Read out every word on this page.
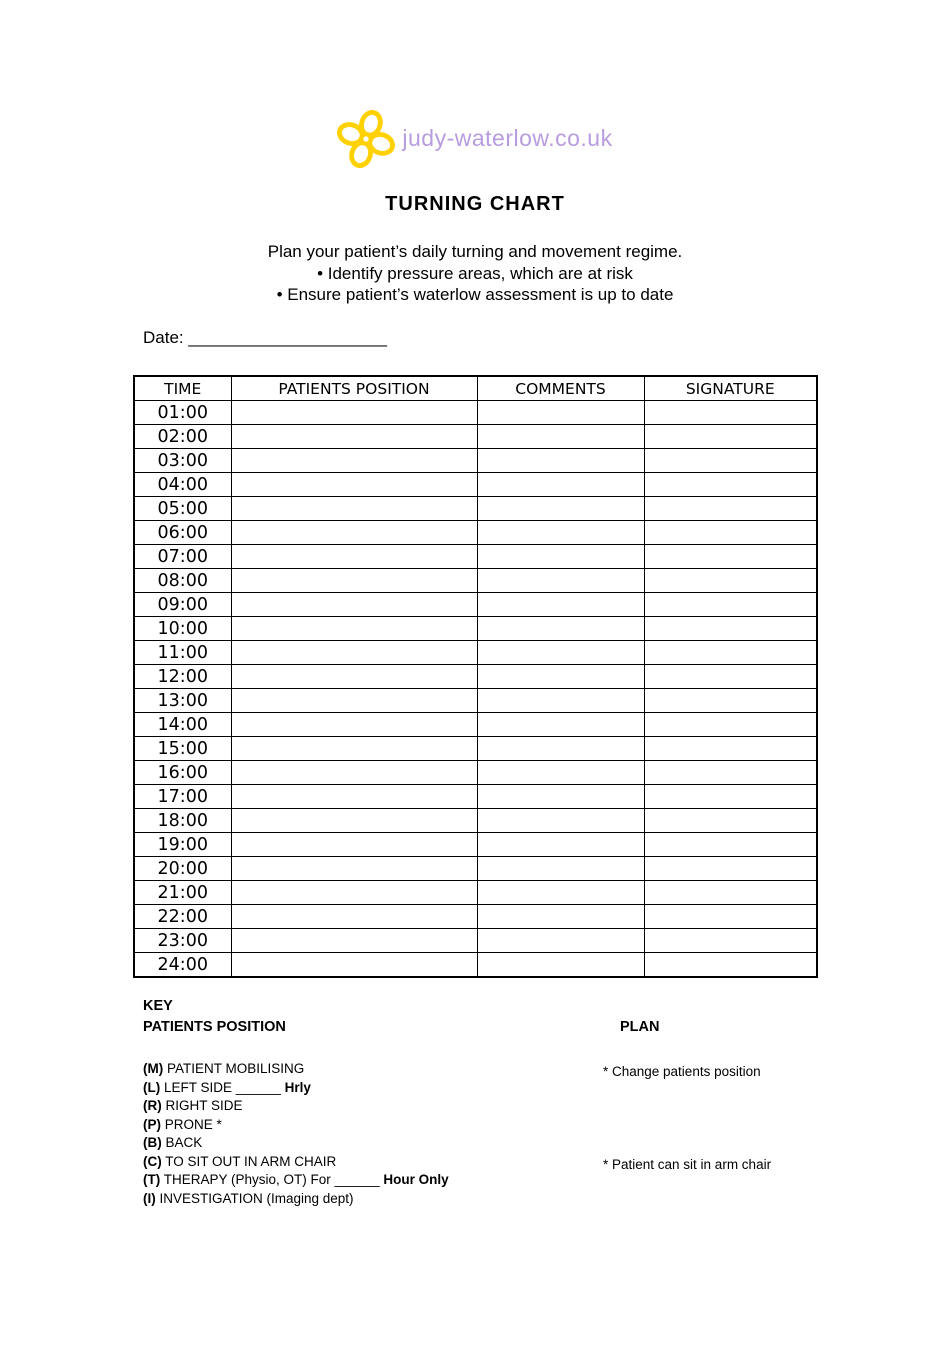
judy-waterlow.co.uk
TURNING CHART
Plan your patient’s daily turning and movement regime.
• Identify pressure areas, which are at risk
• Ensure patient’s waterlow assessment is up to date
Date: _____________________
TIME	PATIENTS POSITION	COMMENTS	SIGNATURE
01:00			
02:00			
03:00			
04:00			
05:00			
06:00			
07:00			
08:00			
09:00			
10:00			
11:00			
12:00			
13:00			
14:00			
15:00			
16:00			
17:00			
18:00			
19:00			
20:00			
21:00			
22:00			
23:00			
24:00			
KEY
PATIENTS POSITION	PLAN
(M) PATIENT MOBILISING
(L) LEFT SIDE ______ Hrly
(R) RIGHT SIDE
(P) PRONE *
(B) BACK
(C) TO SIT OUT IN ARM CHAIR
(T) THERAPY (Physio, OT) For ______ Hour Only
(I) INVESTIGATION (Imaging dept)
* Change patients position
* Patient can sit in arm chair
